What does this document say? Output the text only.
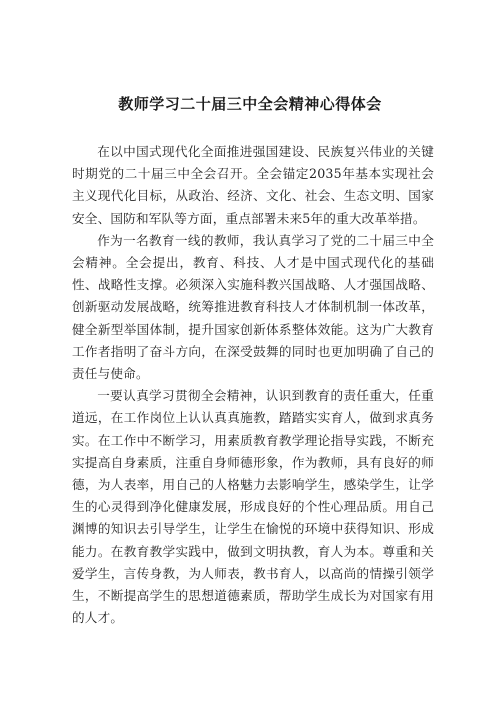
教师学习二十届三中全会精神心得体会

在以中国式现代化全面推进强国建设、民族复兴伟业的关键时期党的二十届三中全会召开。全会锚定2035年基本实现社会主义现代化目标，从政治、经济、文化、社会、生态文明、国家安全、国防和军队等方面，重点部署未来5年的重大改革举措。

作为一名教育一线的教师，我认真学习了党的二十届三中全会精神。全会提出，教育、科技、人才是中国式现代化的基础性、战略性支撑。必须深入实施科教兴国战略、人才强国战略、创新驱动发展战略，统筹推进教育科技人才体制机制一体改革，健全新型举国体制，提升国家创新体系整体效能。这为广大教育工作者指明了奋斗方向，在深受鼓舞的同时也更加明确了自己的责任与使命。

一要认真学习贯彻全会精神，认识到教育的责任重大，任重道远，在工作岗位上认认真真施教，踏踏实实育人，做到求真务实。在工作中不断学习，用素质教育教学理论指导实践，不断充实提高自身素质，注重自身师德形象，作为教师，具有良好的师德，为人表率，用自己的人格魅力去影响学生，感染学生，让学生的心灵得到净化健康发展，形成良好的个性心理品质。用自己渊博的知识去引导学生，让学生在愉悦的环境中获得知识、形成能力。在教育教学实践中，做到文明执教，育人为本。尊重和关爱学生，言传身教，为人师表，教书育人，以高尚的情操引领学生，不断提高学生的思想道德素质，帮助学生成长为对国家有用的人才。
